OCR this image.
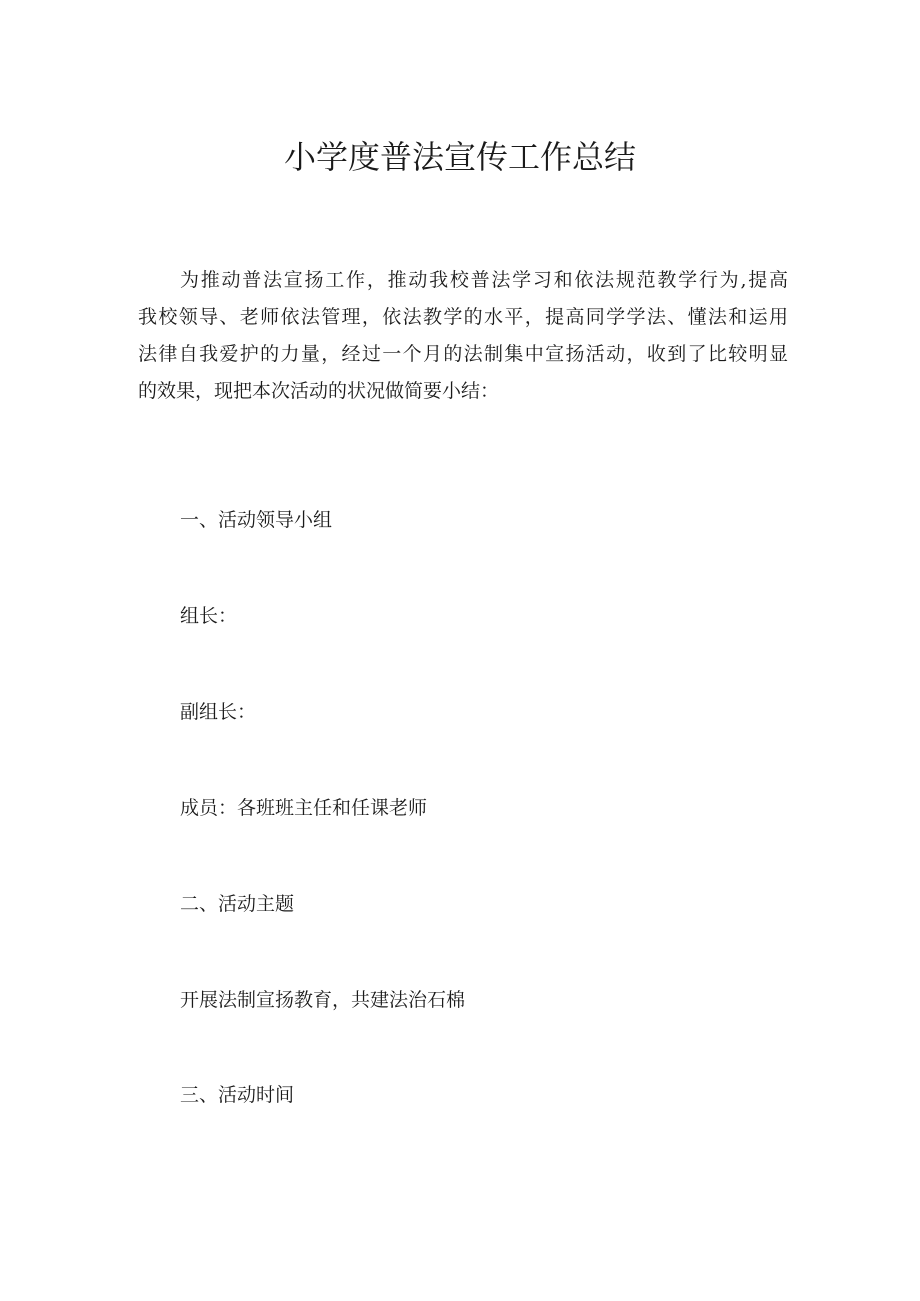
小学度普法宣传工作总结
为推动普法宣扬工作，推动我校普法学习和依法规范教学行为,提高
我校领导、老师依法管理，依法教学的水平，提高同学学法、懂法和运用
法律自我爱护的力量，经过一个月的法制集中宣扬活动，收到了比较明显
的效果，现把本次活动的状况做简要小结：

一、活动领导小组

组长：

副组长：

成员：各班班主任和任课老师

二、活动主题

开展法制宣扬教育，共建法治石棉

三、活动时间
